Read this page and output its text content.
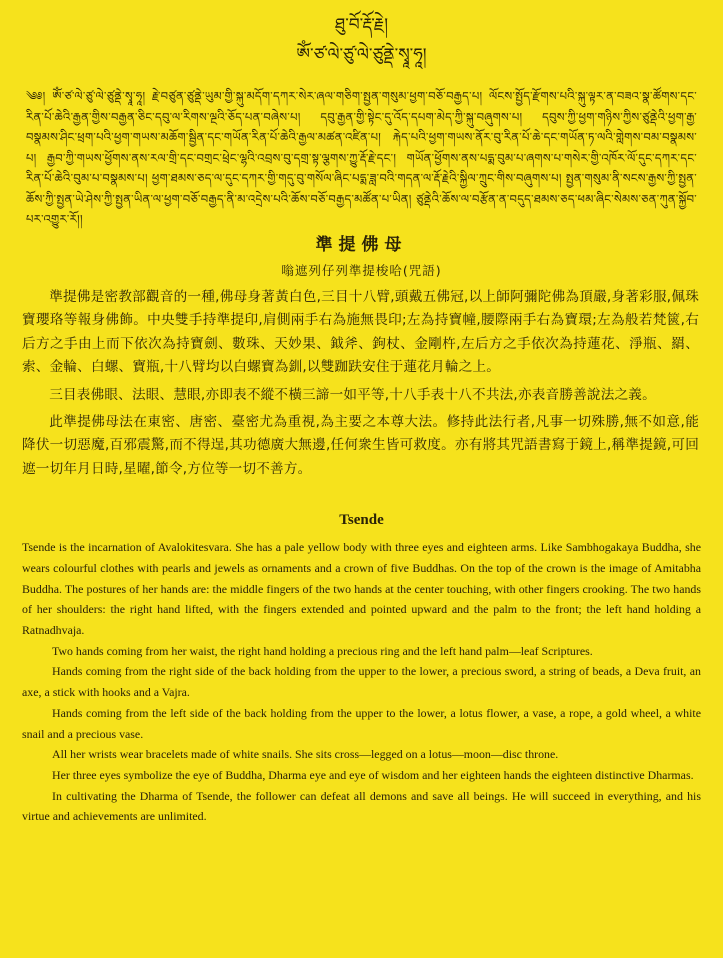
ཐུ་བོ་རྡོ་རྗེ།
ཨོཾ་ཙ་ལེ་ཙུ་ལེ་ཙུནྡེ་སྭཱ་ཧཱ།
༄༅། ཨོཾ་ཙ་ལེ་ཙུ་ལེ་ཙུནྡེ་སྭཱ་ཧཱ། རྗེ་བཙུན་ཙུནྡེ་ཡུམ་གྱི་སྐུ་མདོག་དཀར་སེར་ཞལ་གཅིག་སྤྱན་གསུམ་ཕྱག་བཅོ་བརྒྱད་པ། ལོངས་སྤྱོད་རྫོགས་པའི་སྐུ་ལྟར་ན་བཟའ་སྣ་ཚོགས་དང་རིན་པོ་ཆེའི་རྒྱན་གྱིས་བརྒྱན་ཅིང་དབུ་ལ་རིགས་ལྔའི་ཅོད་པན་བཞེས་པ། དབུ་རྒྱན་གྱི་སྟེང་དུ་འོད་དཔག་མེད་ཀྱི་སྐུ་བཞུགས་པ། དབུས་ཀྱི་ཕྱག་གཉིས་ཀྱིས་ཙུནྡེའི་ཕྱག་རྒྱ་བསྣམས་ཤིང་ཕྲག་པའི་ཕྱག་གཡས་མཆོག་སྦྱིན་དང་གཡོན་རིན་པོ་ཆེའི་རྒྱལ་མཚན་འཛིན་པ། རྐེད་པའི་ཕྱག་གཡས་ནོར་བུ་རིན་པོ་ཆེ་དང་གཡོན་ཏ་ལའི་གླེགས་བམ་བསྣམས་པ། རྒྱབ་ཀྱི་གཡས་ཕྱོགས་ནས་རལ་གྲི་དང་བགྲང་ཕྲེང་ལྷའི་འབྲས་བུ་དགྲ་སྟ་ལྕགས་ཀྱུ་རྡོ་རྗེ་དང་། གཡོན་ཕྱོགས་ནས་པདྨ་བུམ་པ་ཞགས་པ་གསེར་གྱི་འཁོར་ལོ་དུང་དཀར་དང་རིན་པོ་ཆེའི་བུམ་པ་བསྣམས་པ། ཕྱག་ཐམས་ཅད་ལ་དུང་དཀར་གྱི་གདུ་བུ་གསོལ་ཞིང་པདྨ་ཟླ་བའི་གདན་ལ་རྡོ་རྗེའི་སྐྱིལ་ཀྲུང་གིས་བཞུགས་པ། སྤྱན་གསུམ་ནི་སངས་རྒྱས་ཀྱི་སྤྱན་ཆོས་ཀྱི་སྤྱན་ཡེ་ཤེས་ཀྱི་སྤྱན་ཡིན་ལ་ཕྱག་བཅོ་བརྒྱད་ནི་མ་འདྲེས་པའི་ཆོས་བཅོ་བརྒྱད་མཚོན་པ་ཡིན། ཙུནྡེའི་ཆོས་ལ་བརྩོན་ན་བདུད་ཐམས་ཅད་ཕམ་ཞིང་སེམས་ཅན་ཀུན་སྐྱོབ་པར་འགྱུར་རོ།།
準提佛母
嗡遮列仔列準提梭哈(咒語)

準提佛是密教部觀音的一種,佛母身著黃白色,三目十八臂,頭戴五佛冠,以上師阿彌陀佛為頂嚴,身著彩服,佩珠寶瓔珞等報身佛飾。中央雙手持準提印,肩側兩手右為施無畏印;左為持寶幢,腰際兩手右為寶環;左為般若梵篋,右后方之手由上而下依次為持寶劍、數珠、天妙果、鉞斧、鉤杖、金剛杵,左后方之手依次為持蓮花、淨瓶、羂、索、金輪、白螺、寶瓶,十八臂均以白螺寶為釧,以雙跏趺安住于蓮花月輪之上。

三目表佛眼、法眼、慧眼,亦即表不縱不橫三諦一如平等,十八手表十八不共法,亦表音勝善說法之義。

此準提佛母法在東密、唐密、臺密尤為重視,為主要之本尊大法。修持此法行者,凡事一切殊勝,無不如意,能降伏一切惡魔,百邪震驚,而不得逞,其功德廣大無邊,任何衆生皆可救度。亦有將其咒語書寫于鏡上,稱準提鏡,可回遮一切年月日時,星曜,節令,方位等一切不善方。

Tsende

Tsende is the incarnation of Avalokitesvara. She has a pale yellow body with three eyes and eighteen arms. Like Sambhogakaya Buddha, she wears colourful clothes with pearls and jewels as ornaments and a crown of five Buddhas. On the top of the crown is the image of Amitabha Buddha. The postures of her hands are: the middle fingers of the two hands at the center touching, with other fingers crooking. The two hands of her shoulders: the right hand lifted, with the fingers extended and pointed upward and the palm to the front; the left hand holding a Ratnadhvaja.

Two hands coming from her waist, the right hand holding a precious ring and the left hand palm—leaf Scriptures.

Hands coming from the right side of the back holding from the upper to the lower, a precious sword, a string of beads, a Deva fruit, an axe, a stick with hooks and a Vajra.

Hands coming from the left side of the back holding from the upper to the lower, a lotus flower, a vase, a rope, a gold wheel, a white snail and a precious vase.

All her wrists wear bracelets made of white snails. She sits cross—legged on a lotus—moon—disc throne.

Her three eyes symbolize the eye of Buddha, Dharma eye and eye of wisdom and her eighteen hands the eighteen distinctive Dharmas.

In cultivating the Dharma of Tsende, the follower can defeat all demons and save all beings. He will succeed in everything, and his virtue and achievements are unlimited.
